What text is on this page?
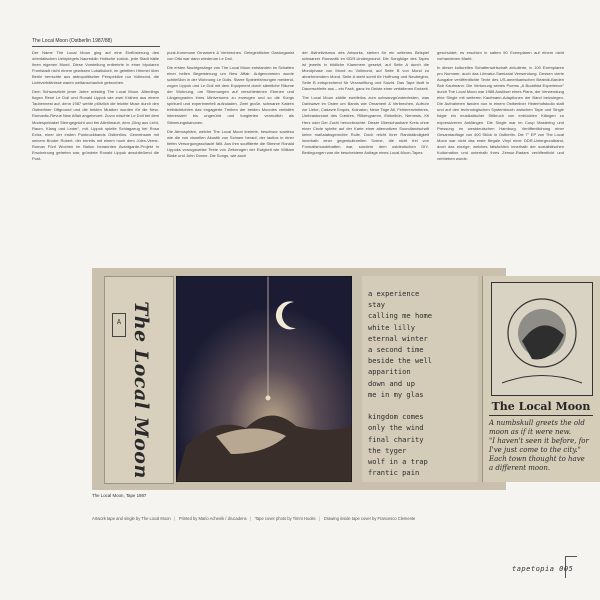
The Local Moon (Ostberlin 1987/88)

Der Name The Local Moon ging auf eine Einflüsterung des orientalischen Ueinpiegels Naureddin Hotische zurück, jede Stadt hätte ihren eigenen Mond. Diese Vorstellung entbehrte in einer bipolaren Frontstadt nicht einem gewissen Lokalkolorit, im geteilten Himmel über Berlin herrschte aus astropolitischer Perspektive nur Vollmond, die Lichtverhältnisse waren weltanschaulich gebrochen.

Dem Schwarzlicht jener Jahre entstieg The Local Moon. Allerdings flogen René Le Doil und Ronald Lippok wie zwei Krähen aus einem Taubennest auf, denn 1987 wehte plötzlich die leichte Muse durch den Ostberliner Offground und die beiden Musiker wurden für die New-Romantic-Revue New Affair angeheuert. Zuvor mischte Le Doil bei dem Modespektakel Sterngegnicht und bei Allerlimaub, dem „Ding aus Licht, Raum, Klang und Leder", mit. Lippok spielte Schlagzeug bei Rosa Extra, einer der ersten Punkrockbands Ostberlins. Gemeinsam mit seinem Bruder Robert, der bereits mit einem noch dem Jules-Verne-Roman Fünf Wochen im Ballon benannten Avantgarde-Projekt in Erscheinung getreten war, gründete Ronald Lippok anschließend die Post-

punk-Kommune Ornament & Verbrechen. Gelegentlicher Gastorganist von Otto war dann wiederum Le Doil.

Die ersten Nachtgesänge von The Local Moon entstanden im Schatten einer hellen Begeisterung um New Affair. Aufgenommen wurde schließlich in der Wohnung Le Doils. Starre Spielerfahrungen meidend, zogen Lippok und Le Doil mit dem Equipment durch sämtliche Räume der Wohnung, um Stimmungen auf verschiedenen Ebenen und Längengraden ihres Minivenums zu erzeugen und so die Songs spirituell und experimentell aufzuladen. Zwei große, schwarze Katzen treibächtichten das engagierte Treiben der beiden Moonies verfallen interessiert bis ungerührt und fungierten vermutlich als Stimmungskanonen.

Die Atmosphäre, welche The Local Moon kreierte, beschwor sowieso wie die von visuellen Akustik von Schnee herauf, der lautlos in einer tiefen Versorgungsschacht fällt. Aus ihm souffliierte die Stimme Ronald Lippoks vorzugsweise Texte von Zeitzeugen der Ewigkeit wie William Blake und John Donne. Die Songs, wie auch

der Ästhetizismus des Artworks, stehen für ein seltenes Beispiel schwarzer Romantik im DDR-Underground. Die Songfolge des Tapes ist jeweils in bildliche Klammern gesetzt, auf Seite A durch die Mondphase von Mond zu Vollmond, auf Seite B von Mond zu abnehmendem Mond. Seite A steht somit für Hoffnung und Neubeginn, Seite B entsprechend für Verzweiflung und Suizid. Das Tape läuft in Dauerschleife aus – ein Fazit, ganz im Geiste einer verfallenen Endzeit.

The Local Moon zählte zweifellos zum schwarzgründenfesten, was Darkwave im Osten um Bands wie Ornament & Verbrechen, Aufruhr zur Liebe, Cadavre Exquis, Koinaton, Neue Tage Ati, Fehlerenzintieres, Umbrasturcant des Cœdres, Rilkengramm, Einkelkön, Nemesis, Kti Herz oder Der Zuchi hervorbrachte. Dieser Überschaubare Kreis ohne einer Circle spielte auf der Karte einer alternativen Soundlandschaft keine maßstabsgerechte Rolle. Doch reicht ihrer Randständigkeit innerhalb einer gegenkulturellen Szene, die nicht frei von Formalismusdebatten war, sondern dem ostdeutschen DIY-Bedingungen war die bescheidene Auflage eines Local-Moon-Tapes

geschuldet; es erschien in satten 50 Exemplaren auf einem nicht vorhandenen Markt.

In dieser kulturellen Schattenwirtschaft zirkulierte, in 100 Exemplaren pro Nummer, auch das Literatur-Samizdat Verwendung. Dessen vierte Ausgabe veröffentlichte Texte des US-amerikanischen Beatnik-Barden Bob Kaufmann. Die Vertonung seines Poems „A Buddhist Experience" durch The Local Moon war 1988 Auslöser eines Plans, der Verwendung eine Single mit weiteren Kaufmann-Adaptionen der Band beizulegen. Die Aufnahmen fanden nun in einem Ostberliner Hinterhofstudio statt und auf den technologischen Systembruch zwischen Tape und Single folgte ein musikalischer Stilbruch von entrückten Klängen zu expressiveren Anklängen. Die Single war im Coup Mastering und Pressung im westdeutschen Hamburg. Veröffentlichung einer Gesamtauflage von 400 Stück in Ostberlin. Die 7" EP von The Local Moon war nicht das erste illegale Vinyl einer DDR-Untergrundband, doch das einzige, welches tatsächlich innerhalb der sozialistischen Kulturnation und unterhalb ihres Zensur-Radars veröffentlicht und vertrieben wurde.

A The Local Moon
a experience
stay
calling me home
white lilly
eternal winter
a second time
beside the well
apparition
down and up
me in my glas

kingdom comes
only the wind
final charity
the tyger
wolf in a trap
frantic pain
The Local Moon
A numbskull greets the old
moon as if it were new.
"I haven't seen it before, for
I've just come to the city."
Each town thought to have
a different moon.
The Local Moon, Tape 1987
Artwork tape and single by The Local Moon | Printed by Mario Achenik / drucadens | Tape cover photo by Timm Hooks | Drawing inside tape cover by Francesco Clemente
tapetopia 005
